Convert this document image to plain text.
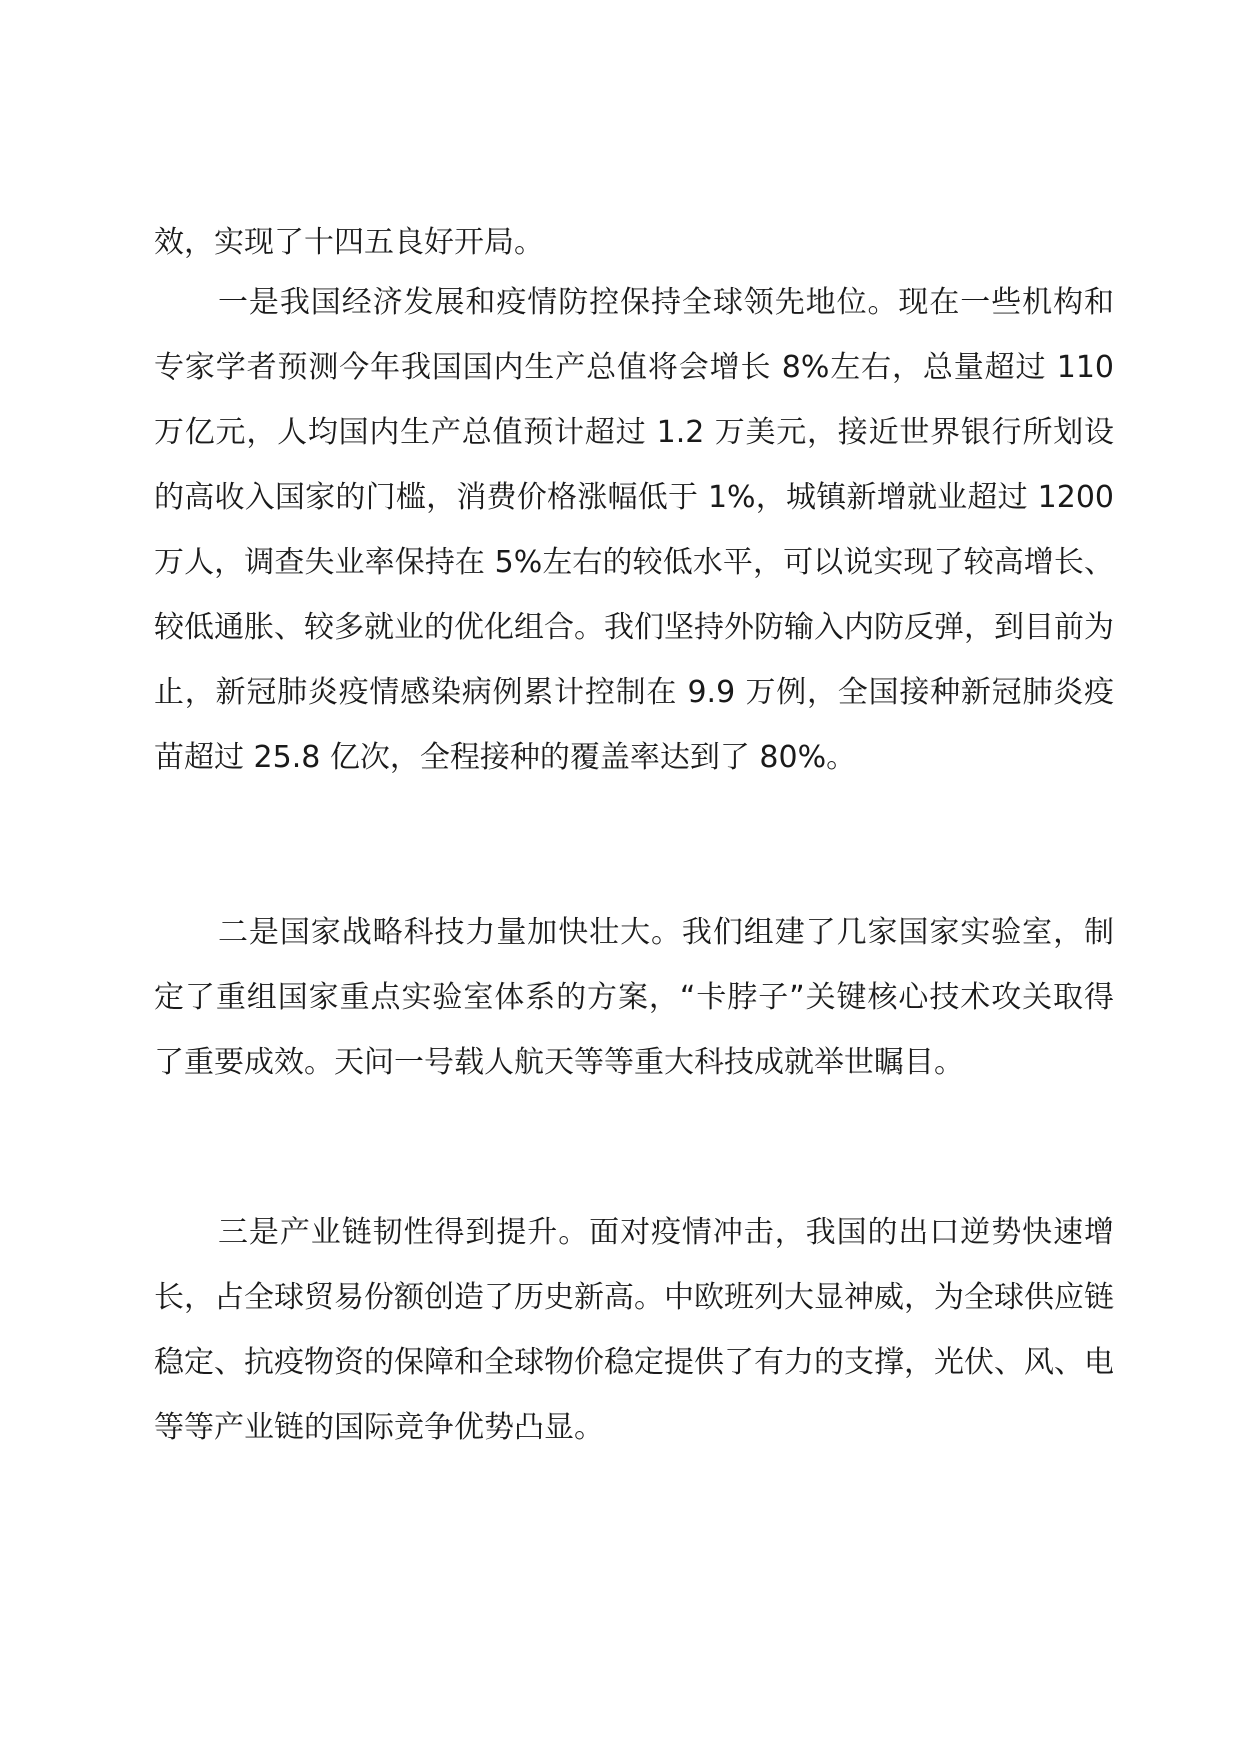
效，实现了十四五良好开局。

一是我国经济发展和疫情防控保持全球领先地位。现在一些机构和专家学者预测今年我国国内生产总值将会增长 8%左右，总量超过 110 万亿元，人均国内生产总值预计超过 1.2 万美元，接近世界银行所划设的高收入国家的门槛，消费价格涨幅低于 1%，城镇新增就业超过 1200 万人，调查失业率保持在 5%左右的较低水平，可以说实现了较高增长、较低通胀、较多就业的优化组合。我们坚持外防输入内防反弹，到目前为止，新冠肺炎疫情感染病例累计控制在 9.9 万例，全国接种新冠肺炎疫苗超过 25.8 亿次，全程接种的覆盖率达到了 80%。

二是国家战略科技力量加快壮大。我们组建了几家国家实验室，制定了重组国家重点实验室体系的方案，“卡脖子”关键核心技术攻关取得了重要成效。天问一号载人航天等等重大科技成就举世瞩目。

三是产业链韧性得到提升。面对疫情冲击，我国的出口逆势快速增长，占全球贸易份额创造了历史新高。中欧班列大显神威，为全球供应链稳定、抗疫物资的保障和全球物价稳定提供了有力的支撑，光伏、风、电等等产业链的国际竞争优势凸显。
